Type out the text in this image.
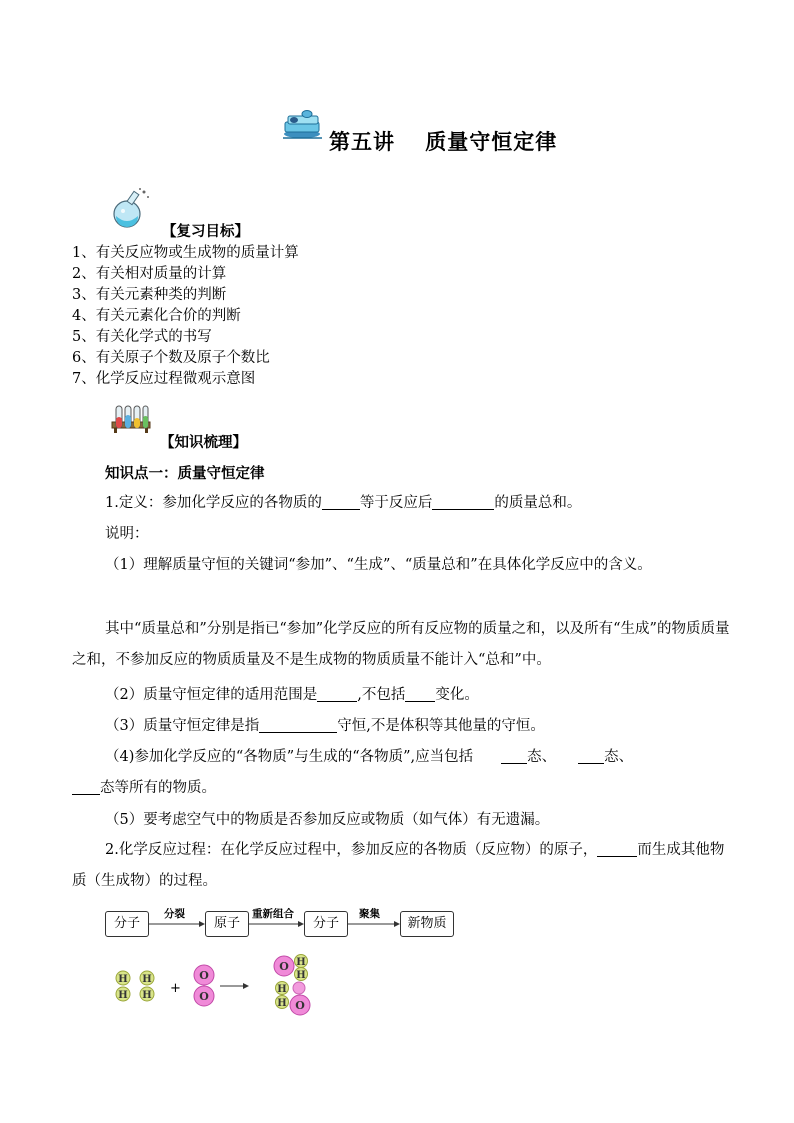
第五讲　 质量守恒定律
【复习目标】
1、有关反应物或生成物的质量计算
2、有关相对质量的计算
3、有关元素种类的判断
4、有关元素化合价的判断
5、有关化学式的书写
6、有关原子个数及原子个数比
7、化学反应过程微观示意图
【知识梳理】
知识点一：质量守恒定律
1.定义：参加化学反应的各物质的	等于反应后	的质量总和。
说明：
（1）理解质量守恒的关键词“参加”、“生成”、“质量总和”在具体化学反应中的含义。
其中“质量总和”分别是指已“参加”化学反应的所有反应物的质量之和，以及所有“生成”的物质质量之和，不参加反应的物质质量及不是生成物的物质质量不能计入“总和”中。
（2）质量守恒定律的适用范围是	,不包括 变化。
（3）质量守恒定律是指	守恒,不是体积等其他量的守恒。
（4)参加化学反应的“各物质”与生成的“各物质”,应当包括	态、	态、
态等所有的物质。
（5）要考虑空气中的物质是否参加反应或物质（如气体）有无遗漏。
2.化学反应过程：在化学反应过程中，参加反应的各物质（反应物）的原子，	而生成其他物质（生成物）的过程。
分子	原子	分子	新物质
分裂	重新组合	聚集
H
H
H
H +
O
O
O H
H
H
H O
